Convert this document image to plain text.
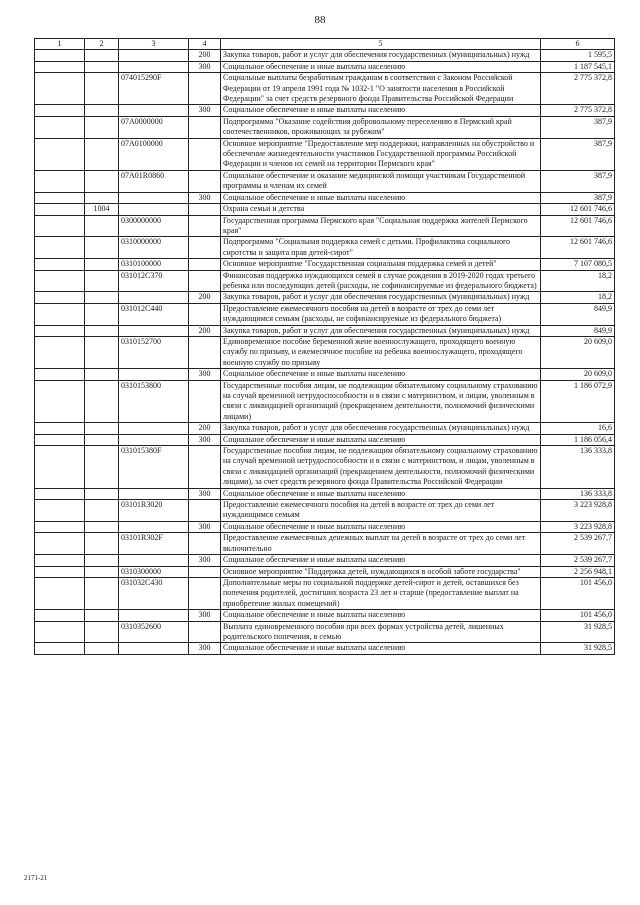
88
1	2	3	4	5	6
			200	Закупка товаров, работ и услуг для обеспечения государственных (муниципальных) нужд	1 595,5
			300	Социальное обеспечение и иные выплаты населению	1 187 545,1
		074015290F		Социальные выплаты безработным гражданам в соответствии с Законом Российской Федерации от 19 апреля 1991 года № 1032-1 "О занятости населения в Российской Федерации" за счет средств резервного фонда Правительства Российской Федерации	2 775 372,8
			300	Социальное обеспечение и иные выплаты населению	2 775 372,8
		07А0000000		Подпрограмма "Оказание содействия добровольному переселению в Пермский край соотечественников, проживающих за рубежом"	387,9
		07А0100000		Основное мероприятие "Предоставление мер поддержки, направленных на обустройство и обеспечение жизнедеятельности участников Государственной программы Российской Федерации и членов их семей на территории Пермского края"	387,9
		07А01R0860		Социальное обеспечение и оказание медицинской помощи участникам Государственной программы и членам их семей	387,9
			300	Социальное обеспечение и иные выплаты населению	387,9
	1004			Охрана семьи и детства	12 601 746,6
		0300000000		Государственная программа Пермского края "Социальная поддержка жителей Пермского края"	12 601 746,6
		0310000000		Подпрограмма "Социальная поддержка семей с детьми. Профилактика социального сиротства и защита прав детей-сирот"	12 601 746,6
		0310100000		Основное мероприятие "Государственная социальная поддержка семей и детей"	7 107 080,5
		031012С370		Финансовая поддержка нуждающихся семей в случае рождения в 2019-2020 годах третьего ребенка или последующих детей (расходы, не софинансируемые из федерального бюджета)	18,2
			200	Закупка товаров, работ и услуг для обеспечения государственных (муниципальных) нужд	18,2
		031012С440		Предоставление ежемесячного пособия на детей в возрасте от трех до семи лет нуждающимся семьям (расходы, не софинансируемые из федерального бюджета)	849,9
			200	Закупка товаров, работ и услуг для обеспечения государственных (муниципальных) нужд	849,9
		0310152700		Единовременное пособие беременной жене военнослужащего, проходящего военную службу по призыву, и ежемесячное пособие на ребенка военнослужащего, проходящего военную службу по призыву	20 609,0
			300	Социальное обеспечение и иные выплаты населению	20 609,0
		0310153800		Государственные пособия лицам, не подлежащим обязательному социальному страхованию на случай временной нетрудоспособности и в связи с материнством, и лицам, уволенным в связи с ликвидацией организаций (прекращением деятельности, полномочий физическими лицами)	1 186 072,9
			200	Закупка товаров, работ и услуг для обеспечения государственных (муниципальных) нужд	16,6
			300	Социальное обеспечение и иные выплаты населению	1 186 056,4
		031015380F		Государственные пособия лицам, не подлежащим обязательному социальному страхованию на случай временной нетрудоспособности и в связи с материнством, и лицам, уволенным в связи с ликвидацией организаций (прекращением деятельности, полномочий физическими лицами), за счет средств резервного фонда Правительства Российской Федерации	136 333,8
			300	Социальное обеспечение и иные выплаты населению	136 333,8
		03101R3020		Предоставление ежемесячного пособия на детей в возрасте от трех до семи лет нуждающимся семьям	3 223 928,8
			300	Социальное обеспечение и иные выплаты населению	3 223 928,8
		03101R302F		Предоставление ежемесячных денежных выплат на детей в возрасте от трех до семи лет включительно	2 539 267,7
			300	Социальное обеспечение и иные выплаты населению	2 539 267,7
		0310300000		Основное мероприятие "Поддержка детей, нуждающихся в особой заботе государства"	2 256 948,1
		031032С430		Дополнительные меры по социальной поддержке детей-сирот и детей, оставшихся без попечения родителей, достигших возраста 23 лет и старше (предоставление выплат на приобретение жилых помещений)	101 456,0
			300	Социальное обеспечение и иные выплаты населению	101 456,0
		0310352600		Выплата единовременного пособия при всех формах устройства детей, лишенных родительского попечения, в семью	31 928,5
			300	Социальное обеспечение и иные выплаты населению	31 928,5
2171-21
